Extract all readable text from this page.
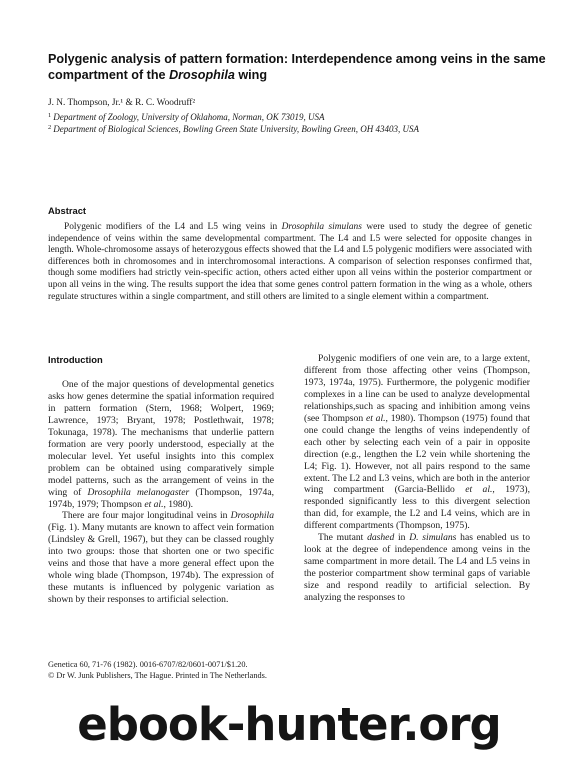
Polygenic analysis of pattern formation: Interdependence among veins in the same compartment of the Drosophila wing
J. N. Thompson, Jr.¹ & R. C. Woodruff²
$^1$ Department of Zoology, University of Oklahoma, Norman, OK 73019, USA
$^2$ Department of Biological Sciences, Bowling Green State University, Bowling Green, OH 43403, USA
Abstract
Polygenic modifiers of the L4 and L5 wing veins in Drosophila simulans were used to study the degree of genetic independence of veins within the same developmental compartment. The L4 and L5 were selected for opposite changes in length. Whole-chromosome assays of heterozygous effects showed that the L4 and L5 polygenic modifiers were associated with differences both in chromosomes and in interchromosomal interactions. A comparison of selection responses confirmed that, though some modifiers had strictly vein-specific action, others acted either upon all veins within the posterior compartment or upon all veins in the wing. The results support the idea that some genes control pattern formation in the wing as a whole, others regulate structures within a single compartment, and still others are limited to a single element within a compartment.
Introduction

One of the major questions of developmental genetics asks how genes determine the spatial information required in pattern formation (Stern, 1968; Wolpert, 1969; Lawrence, 1973; Bryant, 1978; Postlethwait, 1978; Tokunaga, 1978). The mechanisms that underlie pattern formation are very poorly understood, especially at the molecular level. Yet useful insights into this complex problem can be obtained using comparatively simple model patterns, such as the arrangement of veins in the wing of Drosophila melanogaster (Thompson, 1974a, 1974b, 1979; Thompson et al., 1980).

There are four major longitudinal veins in Drosophila (Fig. 1). Many mutants are known to affect vein formation (Lindsley & Grell, 1967), but they can be classed roughly into two groups: those that shorten one or two specific veins and those that have a more general effect upon the whole wing blade (Thompson, 1974b). The expression of these mutants is influenced by polygenic variation as shown by their responses to artificial selection.

Polygenic modifiers of one vein are, to a large extent, different from those affecting other veins (Thompson, 1973, 1974a, 1975). Furthermore, the polygenic modifier complexes in a line can be used to analyze developmental relationships,such as spacing and inhibition among veins (see Thompson et al., 1980). Thompson (1975) found that one could change the lengths of veins independently of each other by selecting each vein of a pair in opposite direction (e.g., lengthen the L2 vein while shortening the L4; Fig. 1). However, not all pairs respond to the same extent. The L2 and L3 veins, which are both in the anterior wing compartment (Garcia-Bellido et al., 1973), responded significantly less to this divergent selection than did, for example, the L2 and L4 veins, which are in different compartments (Thompson, 1975).

The mutant dashed in D. simulans has enabled us to look at the degree of independence among veins in the same compartment in more detail. The L4 and L5 veins in the posterior compartment show terminal gaps of variable size and respond readily to artificial selection. By analyzing the responses to

Genetica 60, 71-76 (1982). 0016-6707/82/0601-0071/$1.20.
© Dr W. Junk Publishers, The Hague. Printed in The Netherlands.
ebook-hunter.org
